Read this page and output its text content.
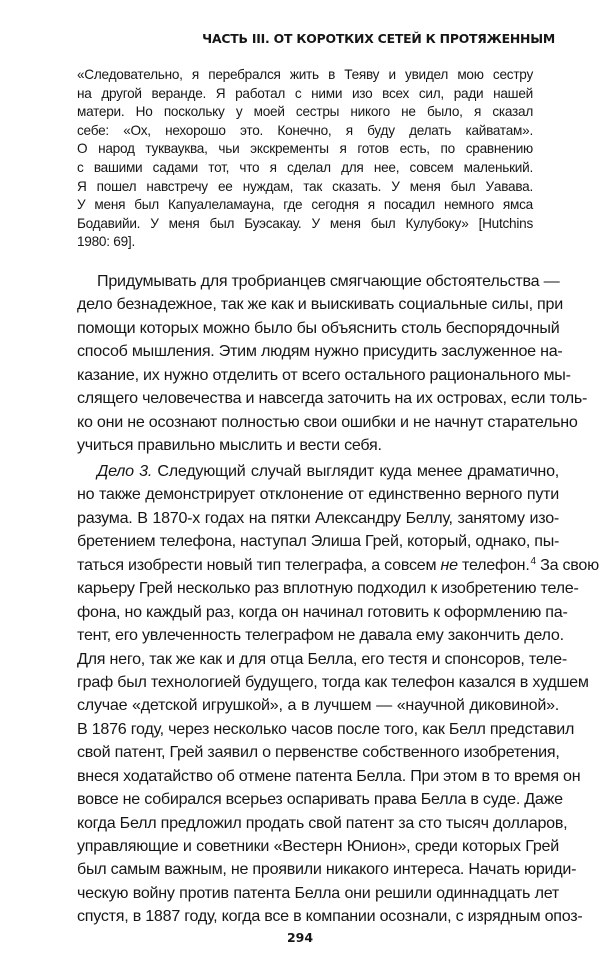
ЧАСТЬ III. ОТ КОРОТКИХ СЕТЕЙ К ПРОТЯЖЕННЫМ
«Следовательно, я перебрался жить в Теяву и увидел мою сестру
на другой веранде. Я работал с ними изо всех сил, ради нашей
матери. Но поскольку у моей сестры никого не было, я сказал
себе: «Ох, нехорошо это. Конечно, я буду делать кайватам».
О народ туквауква, чьи экскременты я готов есть, по сравнению
с вашими садами тот, что я сделал для нее, совсем маленький.
Я пошел навстречу ее нуждам, так сказать. У меня был Уавава.
У меня был Капуалеламауна, где сегодня я посадил немного ямса
Бодавийи. У меня был Буэсакау. У меня был Кулубоку» [Hutchins
1980: 69].
Придумывать для тробрианцев смягчающие обстоятельства —
дело безнадежное, так же как и выискивать социальные силы, при
помощи которых можно было бы объяснить столь беспорядочный
способ мышления. Этим людям нужно присудить заслуженное на-
казание, их нужно отделить от всего остального рационального мы-
слящего человечества и навсегда заточить на их островах, если толь-
ко они не осознают полностью свои ошибки и не начнут старательно
учиться правильно мыслить и вести себя.
Дело 3. Следующий случай выглядит куда менее драматично,
но также демонстрирует отклонение от единственно верного пути
разума. В 1870-х годах на пятки Александру Беллу, занятому изо-
бретением телефона, наступал Элиша Грей, который, однако, пы-
таться изобрести новый тип телеграфа, а совсем не телефон.$^4$ За свою
карьеру Грей несколько раз вплотную подходил к изобретению теле-
фона, но каждый раз, когда он начинал готовить к оформлению па-
тент, его увлеченность телеграфом не давала ему закончить дело.
Для него, так же как и для отца Белла, его тестя и спонсоров, теле-
граф был технологией будущего, тогда как телефон казался в худшем
случае «детской игрушкой», а в лучшем — «научной диковиной».
В 1876 году, через несколько часов после того, как Белл представил
свой патент, Грей заявил о первенстве собственного изобретения,
внеся ходатайство об отмене патента Белла. При этом в то время он
вовсе не собирался всерьез оспаривать права Белла в суде. Даже
когда Белл предложил продать свой патент за сто тысяч долларов,
управляющие и советники «Вестерн Юнион», среди которых Грей
был самым важным, не проявили никакого интереса. Начать юриди-
ческую войну против патента Белла они решили одиннадцать лет
спустя, в 1887 году, когда все в компании осознали, с изрядным опоз-
294
